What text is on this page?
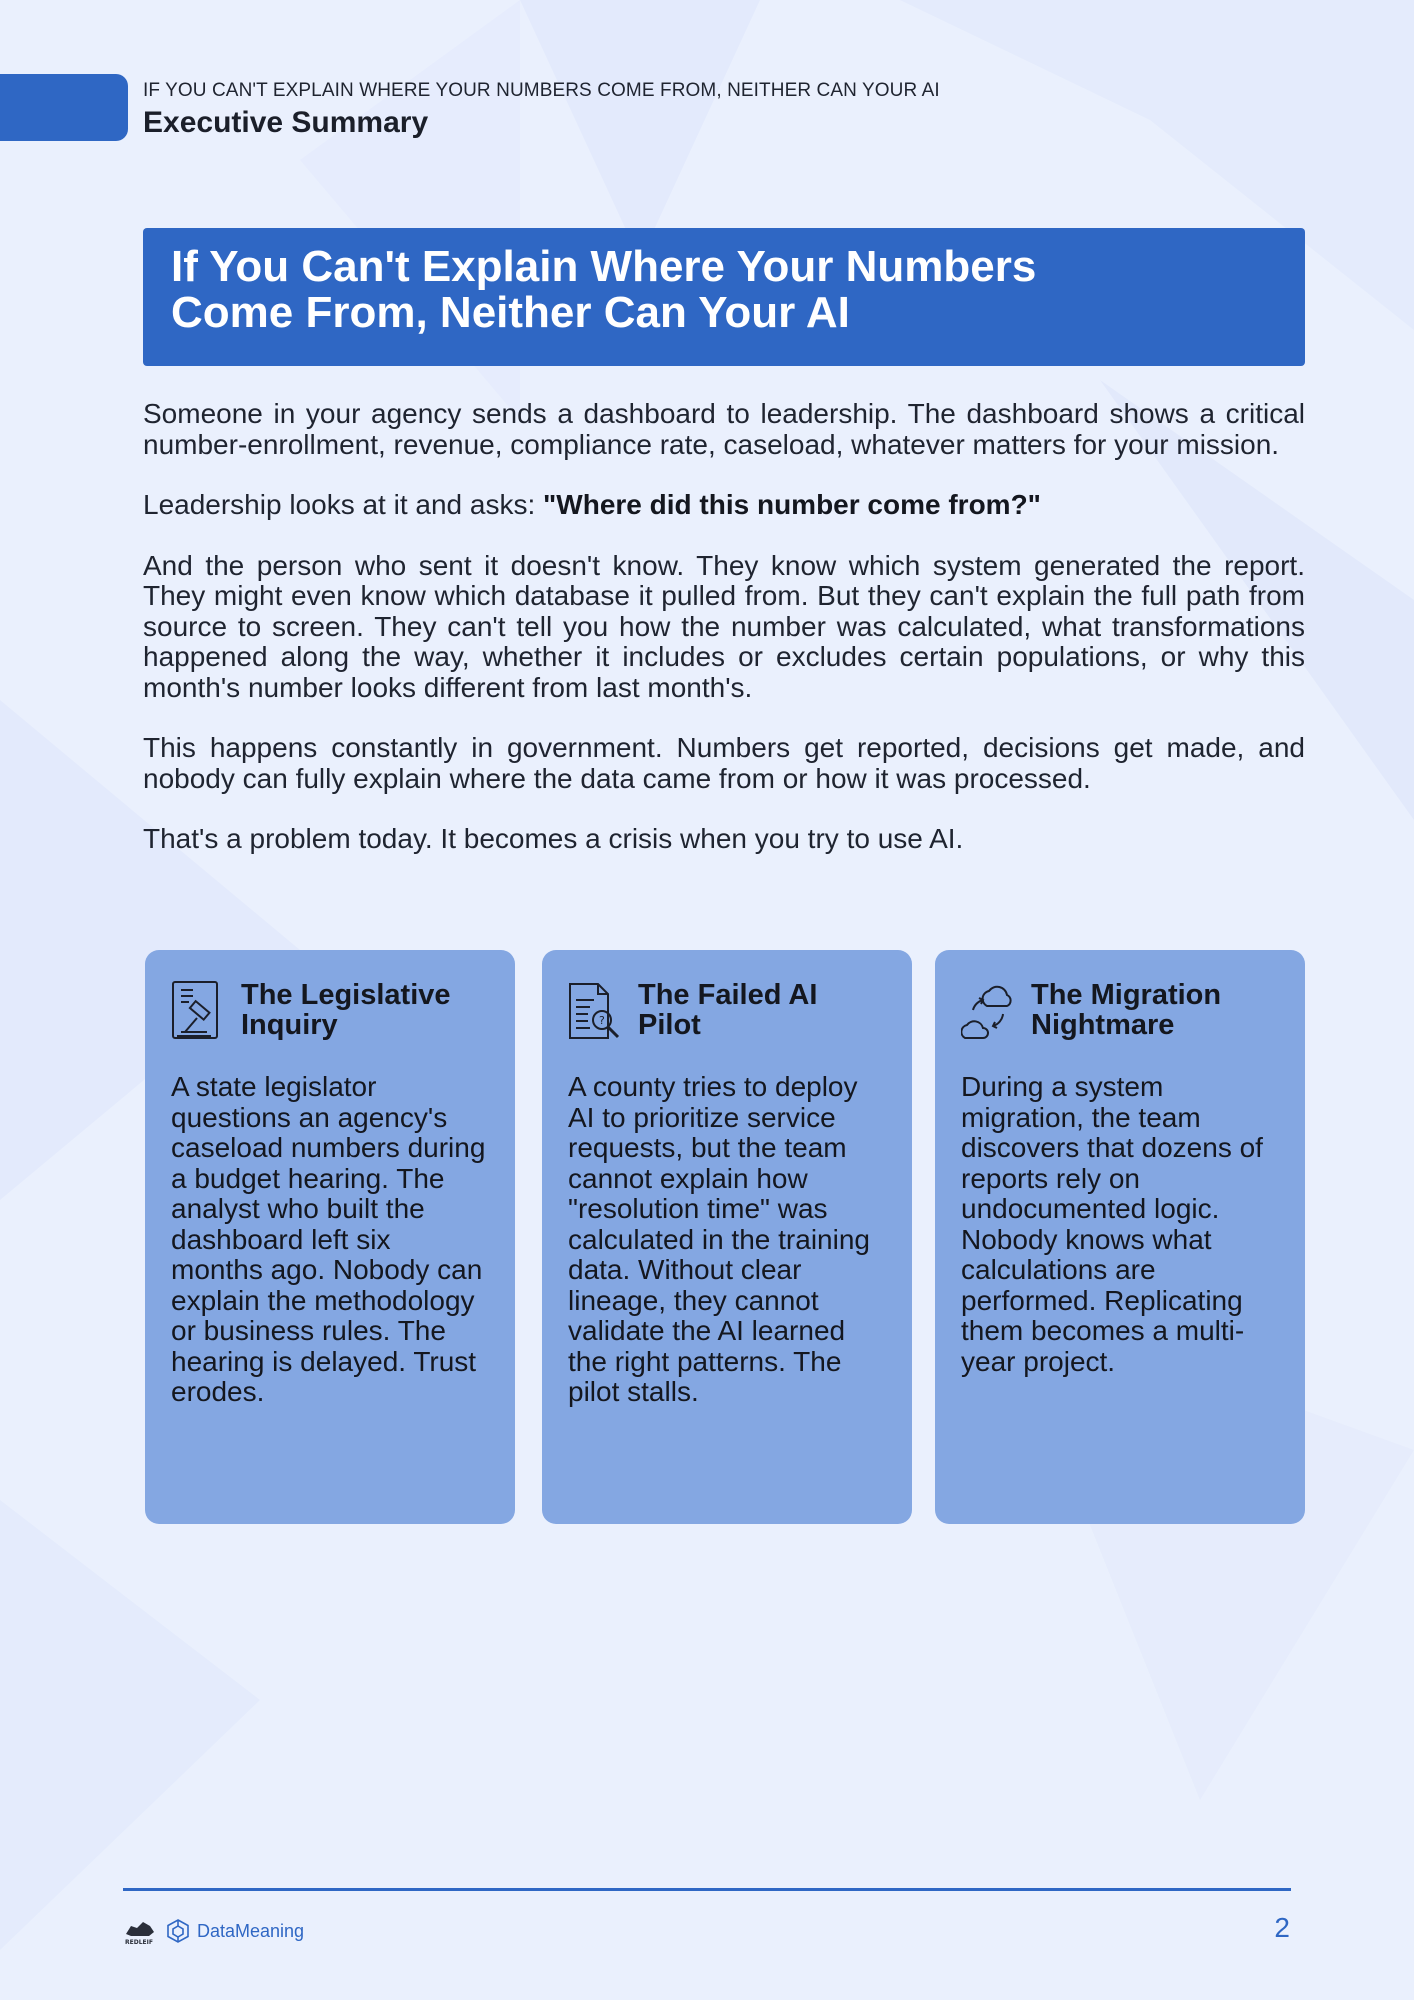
IF YOU CAN'T EXPLAIN WHERE YOUR NUMBERS COME FROM, NEITHER CAN YOUR AI
Executive Summary
If You Can't Explain Where Your Numbers
Come From, Neither Can Your AI

Someone in your agency sends a dashboard to leadership. The dashboard shows a critical number-enrollment, revenue, compliance rate, caseload, whatever matters for your mission.

Leadership looks at it and asks: "Where did this number come from?"

And the person who sent it doesn't know. They know which system generated the report. They might even know which database it pulled from. But they can't explain the full path from source to screen. They can't tell you how the number was calculated, what transformations happened along the way, whether it includes or excludes certain populations, or why this month's number looks different from last month's.

This happens constantly in government. Numbers get reported, decisions get made, and nobody can fully explain where the data came from or how it was processed.

That's a problem today. It becomes a crisis when you try to use AI.

The Legislative
Inquiry

A state legislator questions an agency's caseload numbers during a budget hearing. The analyst who built the dashboard left six months ago. Nobody can explain the methodology or business rules. The hearing is delayed. Trust erodes.

?
The Failed AI
Pilot

A county tries to deploy AI to prioritize service requests, but the team cannot explain how "resolution time" was calculated in the training data. Without clear lineage, they cannot validate the AI learned the right patterns. The pilot stalls.

The Migration
Nightmare

During a system migration, the team discovers that dozens of reports rely on undocumented logic. Nobody knows what calculations are performed. Replicating them becomes a multi-year project.

REDLEIF
DataMeaning	2
